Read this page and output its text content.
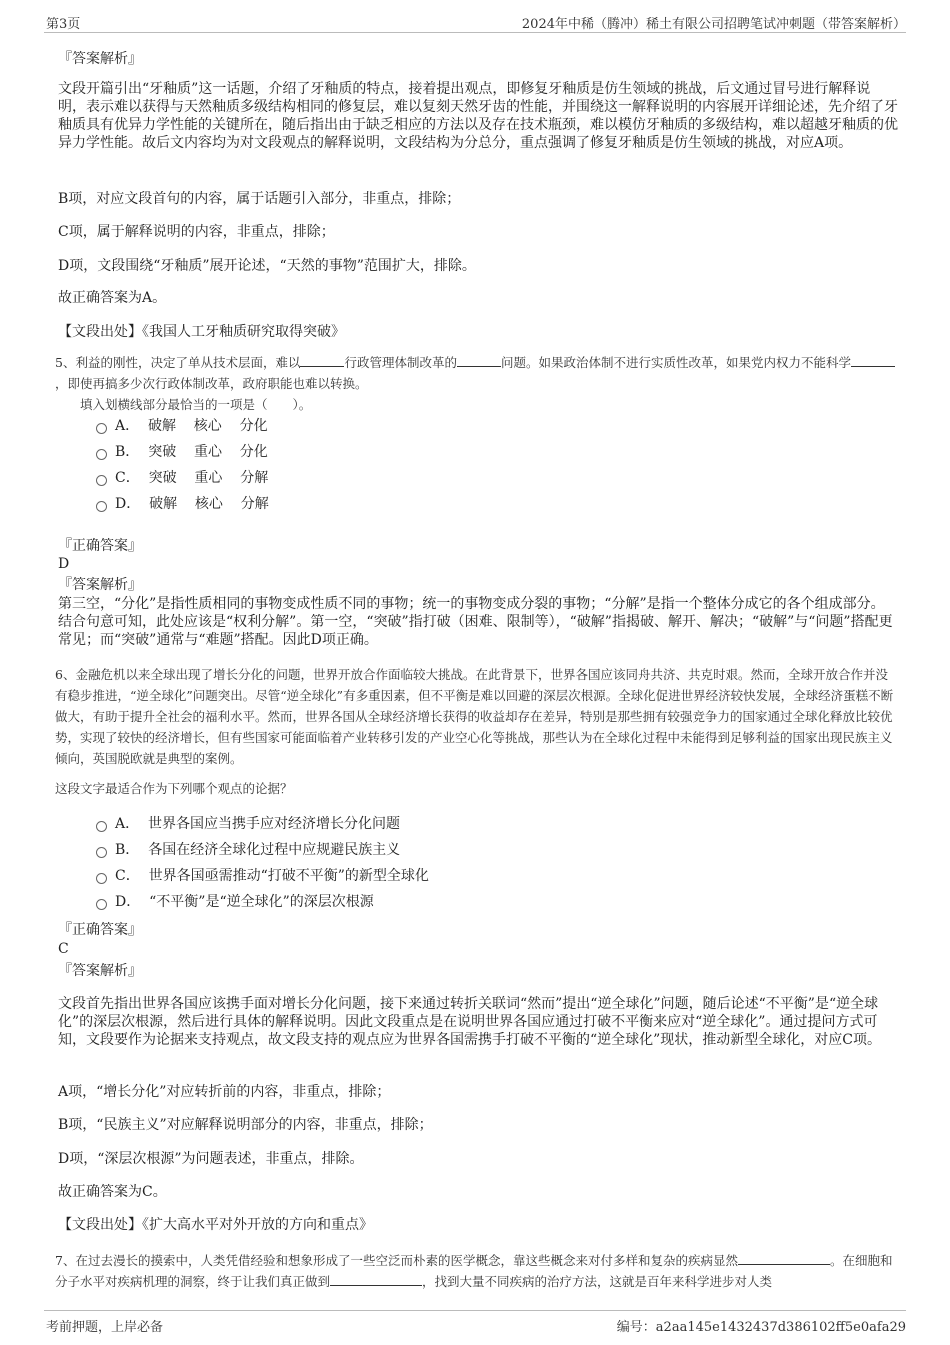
第3页	2024年中稀（腾冲）稀土有限公司招聘笔试冲刺题（带答案解析）
『答案解析』

文段开篇引出“牙釉质”这一话题，介绍了牙釉质的特点，接着提出观点，即修复牙釉质是仿生领域的挑战，后文通过冒号进行解释说明，表示难以获得与天然釉质多级结构相同的修复层，难以复刻天然牙齿的性能，并围绕这一解释说明的内容展开详细论述，先介绍了牙釉质具有优异力学性能的关键所在，随后指出由于缺乏相应的方法以及存在技术瓶颈，难以模仿牙釉质的多级结构，难以超越牙釉质的优异力学性能。故后文内容均为对文段观点的解释说明，文段结构为分总分，重点强调了修复牙釉质是仿生领域的挑战，对应A项。

B项，对应文段首句的内容，属于话题引入部分，非重点，排除；
C项，属于解释说明的内容，非重点，排除；
D项，文段围绕“牙釉质”展开论述，“天然的事物”范围扩大，排除。
故正确答案为A。
【文段出处】《我国人工牙釉质研究取得突破》

5、利益的刚性，决定了单从技术层面，难以	行政管理体制改革的	问题。如果政治体制不进行实质性改革，如果党内权力不能科学，即使再搞多少次行政体制改革，政府职能也难以转换。

填入划横线部分最恰当的一项是（　　）。
A．  破解    核心    分化
B．  突破    重心    分化
C．  突破    重心    分解
D．  破解    核心    分解
『正确答案』
D
『答案解析』

第三空，“分化”是指性质相同的事物变成性质不同的事物；统一的事物变成分裂的事物；“分解”是指一个整体分成它的各个组成部分。结合句意可知，此处应该是“权利分解”。第一空，“突破”指打破（困难、限制等），“破解”指揭破、解开、解决；“破解”与“问题”搭配更常见；而“突破”通常与“难题”搭配。因此D项正确。

6、金融危机以来全球出现了增长分化的问题，世界开放合作面临较大挑战。在此背景下，世界各国应该同舟共济、共克时艰。然而，全球开放合作并没有稳步推进，“逆全球化”问题突出。尽管“逆全球化”有多重因素，但不平衡是难以回避的深层次根源。全球化促进世界经济较快发展，全球经济蛋糕不断做大，有助于提升全社会的福利水平。然而，世界各国从全球经济增长获得的收益却存在差异，特别是那些拥有较强竞争力的国家通过全球化释放比较优势，实现了较快的经济增长，但有些国家可能面临着产业转移引发的产业空心化等挑战，那些认为在全球化过程中未能得到足够利益的国家出现民族主义倾向，英国脱欧就是典型的案例。

这段文字最适合作为下列哪个观点的论据？
A．  世界各国应当携手应对经济增长分化问题
B．  各国在经济全球化过程中应规避民族主义
C．  世界各国亟需推动“打破不平衡”的新型全球化
D．  “不平衡”是“逆全球化”的深层次根源
『正确答案』
C
『答案解析』

文段首先指出世界各国应该携手面对增长分化问题，接下来通过转折关联词“然而”提出“逆全球化”问题，随后论述“不平衡”是“逆全球化”的深层次根源，然后进行具体的解释说明。因此文段重点是在说明世界各国应通过打破不平衡来应对“逆全球化”。通过提问方式可知，文段要作为论据来支持观点，故文段支持的观点应为世界各国需携手打破不平衡的“逆全球化”现状，推动新型全球化，对应C项。

A项，“增长分化”对应转折前的内容，非重点，排除；
B项，“民族主义”对应解释说明部分的内容，非重点，排除；
D项，“深层次根源”为问题表述，非重点，排除。
故正确答案为C。
【文段出处】《扩大高水平对外开放的方向和重点》

7、在过去漫长的摸索中，人类凭借经验和想象形成了一些空泛而朴素的医学概念，靠这些概念来对付多样和复杂的疾病显然	。在细胞和分子水平对疾病机理的洞察，终于让我们真正做到	，找到大量不同疾病的治疗方法，这就是百年来科学进步对人类

考前押题，上岸必备	编号：a2aa145e1432437d386102ff5e0afa29
